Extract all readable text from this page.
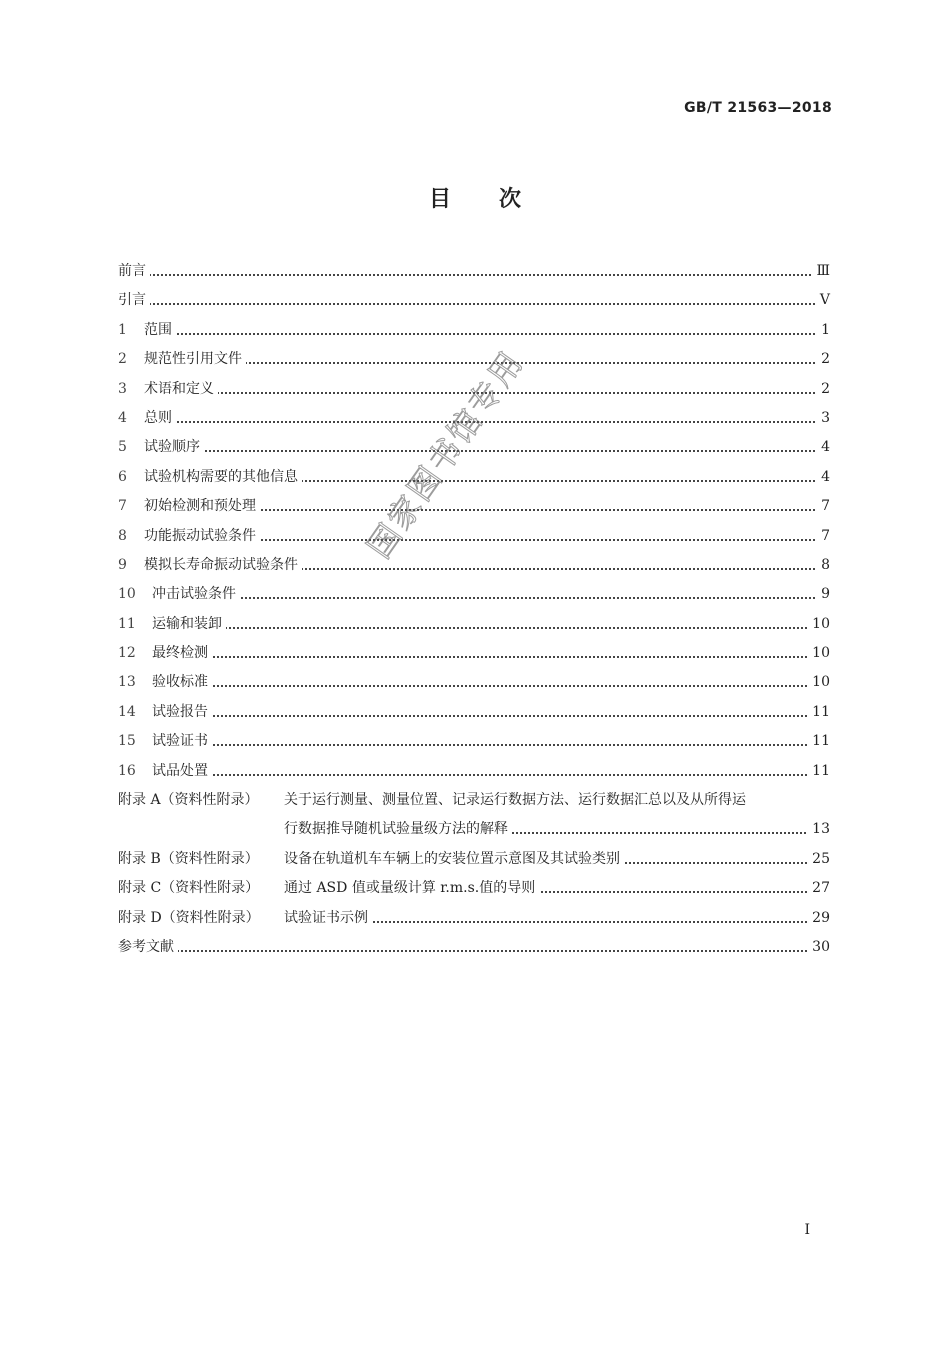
GB/T 21563—2018
目 次
前言	Ⅲ
引言	Ⅴ
1 范围	1
2 规范性引用文件	2
3 术语和定义	2
4 总则	3
5 试验顺序	4
6 试验机构需要的其他信息	4
7 初始检测和预处理	7
8 功能振动试验条件	7
9 模拟长寿命振动试验条件	8
10 冲击试验条件	9
11 运输和装卸	10
12 最终检测	10
13 验收标准	10
14 试验报告	11
15 试验证书	11
16 试品处置	11
附录 A（资料性附录） 关于运行测量、测量位置、记录运行数据方法、运行数据汇总以及从所得运
行数据推导随机试验量级方法的解释	13
附录 B（资料性附录） 设备在轨道机车车辆上的安装位置示意图及其试验类别	25
附录 C（资料性附录） 通过 ASD 值或量级计算 r.m.s.值的导则	27
附录 D（资料性附录） 试验证书示例	29
参考文献	30
国家图书馆专用
I
